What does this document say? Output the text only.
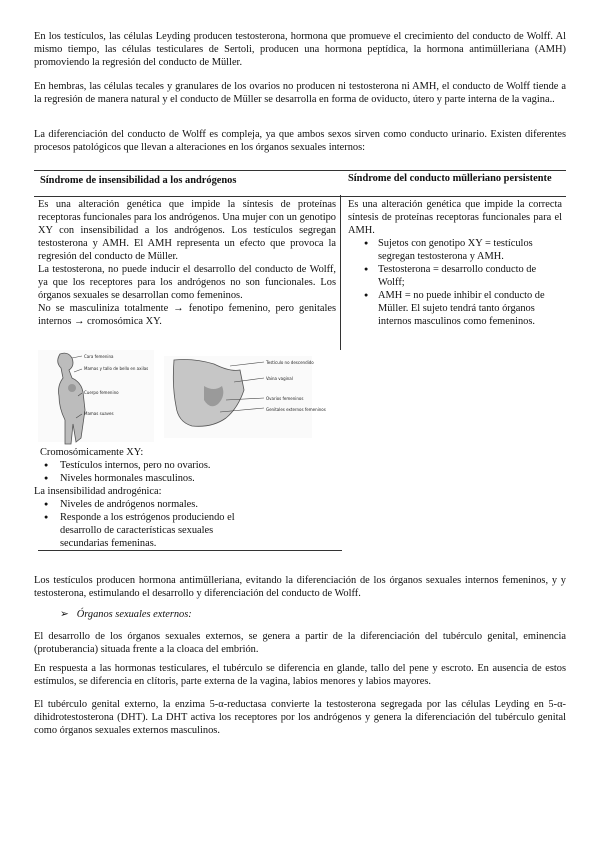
En los testículos, las células Leyding producen testosterona, hormona que promueve el crecimiento del conducto de Wolff. Al mismo tiempo, las células testiculares de Sertoli, producen una hormona peptídica, la hormona antimülleriana (AMH) promoviendo la regresión del conducto de Müller.

En hembras, las células tecales y granulares de los ovarios no producen ni testosterona ni AMH, el conducto de Wolff tiende a la regresión de manera natural y el conducto de Müller se desarrolla en forma de oviducto, útero y parte interna de la vagina..

La diferenciación del conducto de Wolff es compleja, ya que ambos sexos sirven como conducto urinario. Existen diferentes procesos patológicos que llevan a alteraciones en los órganos sexuales internos:

Síndrome de insensibilidad a los andrógenos	Síndrome del conducto mülleriano persistente

Es una alteración genética que impide la síntesis de proteínas receptoras funcionales para los andrógenos. Una mujer con un genotipo XY con insensibilidad a los andrógenos. Los testículos segregan testosterona y AMH. El AMH representa un efecto que provoca la regresión del conducto de Müller.

La testosterona, no puede inducir el desarrollo del conducto de Wolff, ya que los receptores para los andrógenos no son funcionales. Los órganos sexuales se desarrollan como femeninos.

No se masculiniza totalmente → fenotipo femenino, pero genitales internos → cromosómica XY.

Es una alteración genética que impide la correcta síntesis de proteínas receptoras funcionales para el AMH.

● Sujetos con genotipo XY = testículos segregan testosterona y AMH.
● Testosterona = desarrollo conducto de Wolff;
● AMH = no puede inhibir el conducto de Müller. El sujeto tendrá tanto órganos internos masculinos como femeninos.
Cara femenina
Mamas y tallo de bello en axilas
Cuerpo femenino
Mamas suaves
Testículo no descendido
Vaina vaginal
Ovarios femeninos
Genitales externos femeninos

Cromosómicamente XY:

● Testículos internos, pero no ovarios.
● Niveles hormonales masculinos.

La insensibilidad androgénica:

● Niveles de andrógenos normales.
● Responde a los estrógenos produciendo el desarrollo de características sexuales secundarias femeninas.

Los testículos producen hormona antimülleriana, evitando la diferenciación de los órganos sexuales internos femeninos, y y testosterona, estimulando el desarrollo y diferenciación del conducto de Wolff.

➢ Órganos sexuales externos:

El desarrollo de los órganos sexuales externos, se genera a partir de la diferenciación del tubérculo genital, eminencia (protuberancia) situada frente a la cloaca del embrión.

En respuesta a las hormonas testiculares, el tubérculo se diferencia en glande, tallo del pene y escroto. En ausencia de estos estímulos, se diferencia en clítoris, parte externa de la vagina, labios menores y labios mayores.

El tubérculo genital externo, la enzima 5-α-reductasa convierte la testosterona segregada por las células Leyding en 5-α-dihidrotestosterona (DHT). La DHT activa los receptores por los andrógenos y genera la diferenciación del tubérculo genital como órganos sexuales externos masculinos.
